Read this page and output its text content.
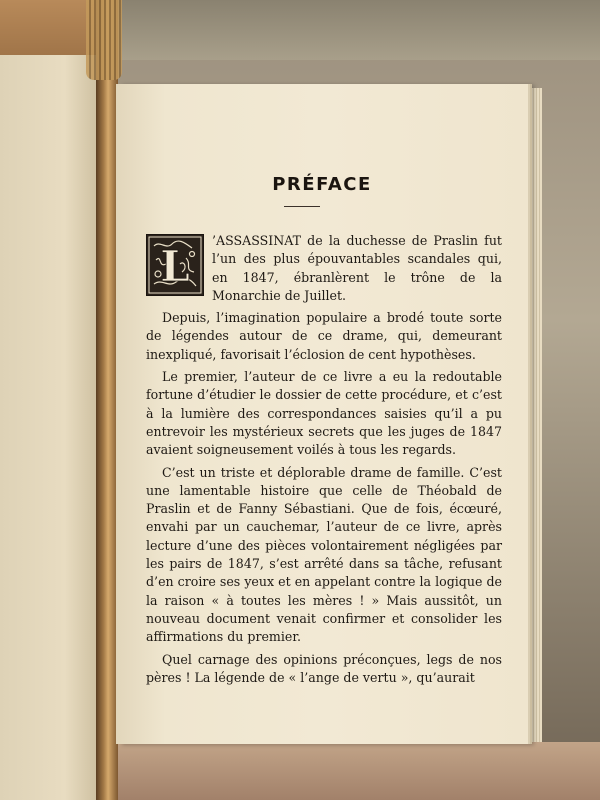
PRÉFACE

L
’ASSASSINAT de la duchesse de Praslin fut l’un des plus épouvantables scandales qui, en 1847, ébranlèrent le trône de la Monarchie de Juillet.

Depuis, l’imagination populaire a brodé toute sorte de légendes autour de ce drame, qui, demeurant inexpliqué, favorisait l’éclosion de cent hypothèses.

Le premier, l’auteur de ce livre a eu la redoutable fortune d’étudier le dossier de cette procédure, et c’est à la lumière des correspondances saisies qu’il a pu entrevoir les mystérieux secrets que les juges de 1847 avaient soigneusement voilés à tous les regards.

C’est un triste et déplorable drame de famille. C’est une lamentable histoire que celle de Théobald de Praslin et de Fanny Sébastiani. Que de fois, écœuré, envahi par un cauchemar, l’auteur de ce livre, après lecture d’une des pièces volontairement négligées par les pairs de 1847, s’est arrêté dans sa tâche, refusant d’en croire ses yeux et en appelant contre la logique de la raison « à toutes les mères ! » Mais aussitôt, un nouveau document venait confirmer et consolider les affirmations du premier.

Quel carnage des opinions préconçues, legs de nos pères ! La légende de « l’ange de vertu », qu’aurait
